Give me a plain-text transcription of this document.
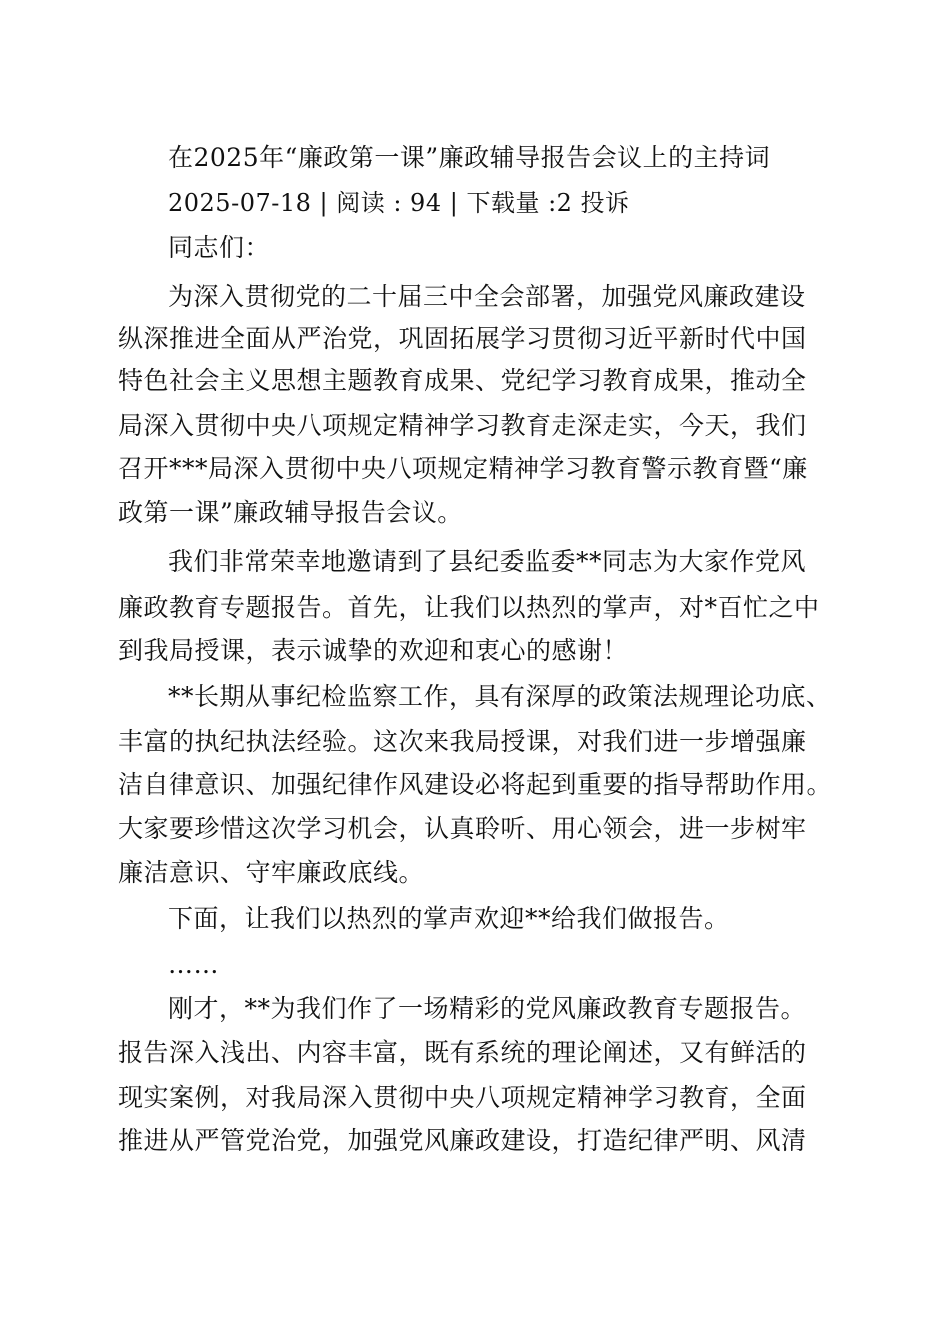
在2025年“廉政第一课”廉政辅导报告会议上的主持词
2025-07-18 | 阅读 : 94 | 下载量 :2 投诉
同志们：
为深入贯彻党的二十届三中全会部署，加强党风廉政建设
纵深推进全面从严治党，巩固拓展学习贯彻习近平新时代中国
特色社会主义思想主题教育成果、党纪学习教育成果，推动全
局深入贯彻中央八项规定精神学习教育走深走实，今天，我们
召开***局深入贯彻中央八项规定精神学习教育警示教育暨“廉
政第一课”廉政辅导报告会议。
我们非常荣幸地邀请到了县纪委监委**同志为大家作党风
廉政教育专题报告。首先，让我们以热烈的掌声，对*百忙之中
到我局授课，表示诚挚的欢迎和衷心的感谢！
**长期从事纪检监察工作，具有深厚的政策法规理论功底、
丰富的执纪执法经验。这次来我局授课，对我们进一步增强廉
洁自律意识、加强纪律作风建设必将起到重要的指导帮助作用。
大家要珍惜这次学习机会，认真聆听、用心领会，进一步树牢
廉洁意识、守牢廉政底线。
下面，让我们以热烈的掌声欢迎**给我们做报告。
……
刚才，**为我们作了一场精彩的党风廉政教育专题报告。
报告深入浅出、内容丰富，既有系统的理论阐述，又有鲜活的
现实案例，对我局深入贯彻中央八项规定精神学习教育，全面
推进从严管党治党，加强党风廉政建设，打造纪律严明、风清
